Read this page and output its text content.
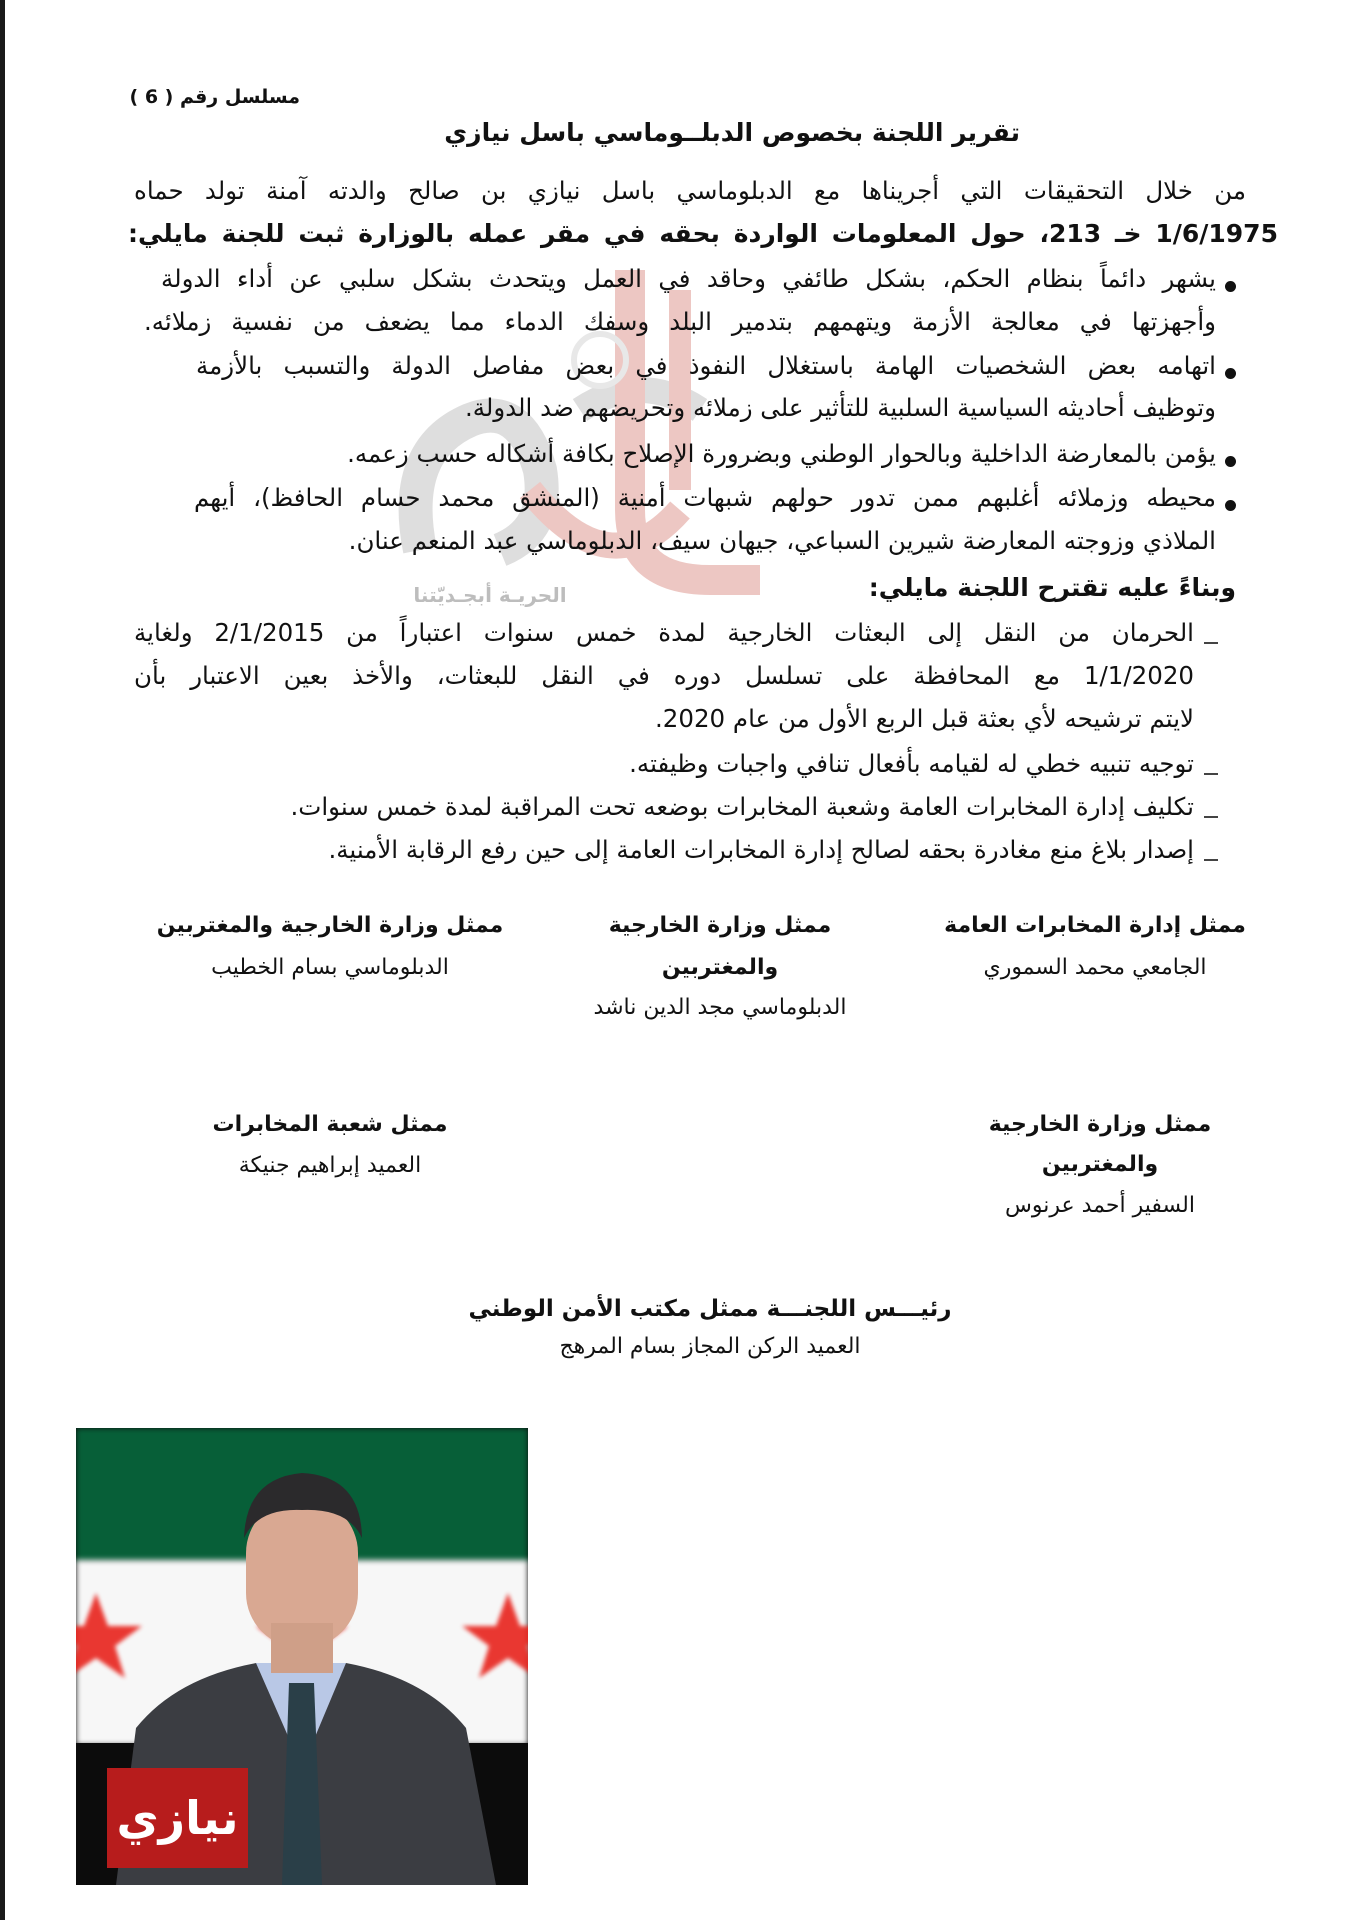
الحريـة أبجـديّتنا
مسلسل رقم ( 6 )
تقرير اللجنة بخصوص الدبلــوماسي باسل نيازي
من خلال التحقيقات التي أجريناها مع الدبلوماسي باسل نيازي بن صالح والدته آمنة تولد حماه
1/6/1975 خـ 213، حول المعلومات الواردة بحقه في مقر عمله بالوزارة ثبت للجنة مايلي:
يشهر دائماً بنظام الحكم، بشكل طائفي وحاقد في العمل ويتحدث بشكل سلبي عن أداء الدولة
وأجهزتها في معالجة الأزمة ويتهمهم بتدمير البلد وسفك الدماء مما يضعف من نفسية زملائه.
اتهامه بعض الشخصيات الهامة باستغلال النفوذ في بعض مفاصل الدولة والتسبب بالأزمة
وتوظيف أحاديثه السياسية السلبية للتأثير على زملائه وتحريضهم ضد الدولة.
يؤمن بالمعارضة الداخلية وبالحوار الوطني وبضرورة الإصلاح بكافة أشكاله حسب زعمه.
محيطه وزملائه أغلبهم ممن تدور حولهم شبهات أمنية (المنشق محمد حسام الحافظ)، أيهم
الملاذي وزوجته المعارضة شيرين السباعي، جيهان سيف، الدبلوماسي عبد المنعم عنان.
وبناءً عليه تقترح اللجنة مايلي:
الحرمان من النقل إلى البعثات الخارجية لمدة خمس سنوات اعتباراً من 2/1/2015 ولغاية
1/1/2020 مع المحافظة على تسلسل دوره في النقل للبعثات، والأخذ بعين الاعتبار بأن
لايتم ترشيحه لأي بعثة قبل الربع الأول من عام 2020.
توجيه تنبيه خطي له لقيامه بأفعال تنافي واجبات وظيفته.
تكليف إدارة المخابرات العامة وشعبة المخابرات بوضعه تحت المراقبة لمدة خمس سنوات.
إصدار بلاغ منع مغادرة بحقه لصالح إدارة المخابرات العامة إلى حين رفع الرقابة الأمنية.
ممثل إدارة المخابرات العامة
الجامعي محمد السموري
ممثل وزارة الخارجية
والمغتربين
الدبلوماسي مجد الدين ناشد
ممثل وزارة الخارجية والمغتربين
الدبلوماسي بسام الخطيب
ممثل وزارة الخارجية
والمغتربين
السفير أحمد عرنوس
ممثل شعبة المخابرات
العميد إبراهيم جنيكة
رئيـــس اللجنـــة ممثل مكتب الأمن الوطني
العميد الركن المجاز بسام المرهج
نيازي
